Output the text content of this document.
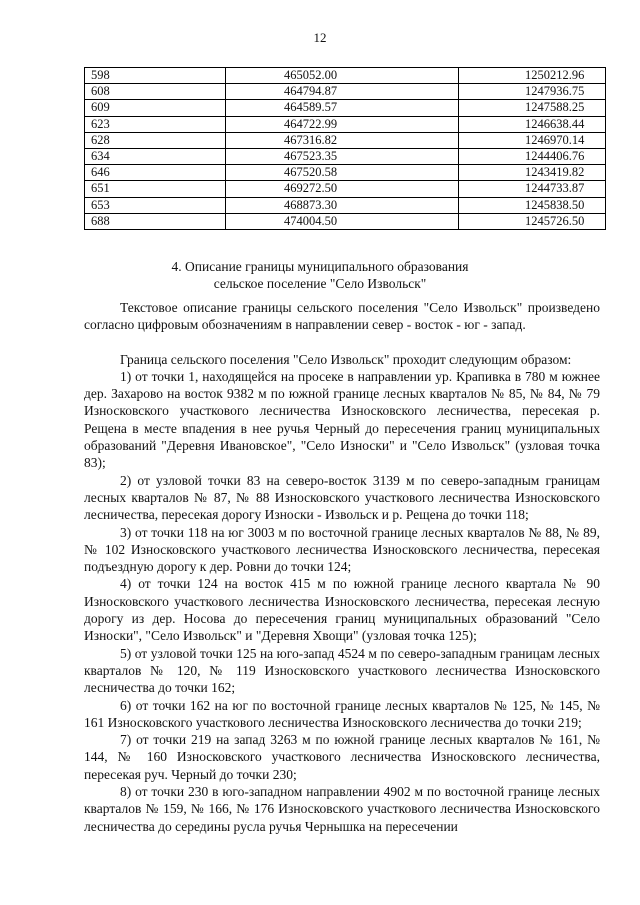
12
598	465052.00	1250212.96
608	464794.87	1247936.75
609	464589.57	1247588.25
623	464722.99	1246638.44
628	467316.82	1246970.14
634	467523.35	1244406.76
646	467520.58	1243419.82
651	469272.50	1244733.87
653	468873.30	1245838.50
688	474004.50	1245726.50
4. Описание границы муниципального образования
сельское поселение "Село Извольск"

Текстовое описание границы сельского поселения "Село Извольск" произведено согласно цифровым обозначениям в направлении север - восток - юг - запад.

Граница сельского поселения "Село Извольск" проходит следующим образом:

1) от точки 1, находящейся на просеке в направлении ур. Крапивка в 780 м южнее дер. Захарово на восток 9382 м по южной границе лесных кварталов № 85, № 84, № 79 Износковского участкового лесничества Износковского лесничества, пересекая р. Рещена в месте впадения в нее ручья Черный до пересечения границ муниципальных образований "Деревня Ивановское", "Село Износки" и "Село Извольск" (узловая точка 83);

2) от узловой точки 83 на северо-восток 3139 м по северо-западным границам лесных кварталов № 87, № 88 Износковского участкового лесничества Износковского лесничества, пересекая дорогу Износки - Извольск и р. Рещена до точки 118;

3) от точки 118 на юг 3003 м по восточной границе лесных кварталов № 88, № 89, № 102 Износковского участкового лесничества Износковского лесничества, пересекая подъездную дорогу к дер. Ровни до точки 124;

4) от точки 124 на восток 415 м по южной границе лесного квартала № 90 Износковского участкового лесничества Износковского лесничества, пересекая лесную дорогу из дер. Носова до пересечения границ муниципальных образований "Село Износки", "Село Извольск" и "Деревня Хвощи" (узловая точка 125);

5) от узловой точки 125 на юго-запад 4524 м по северо-западным границам лесных кварталов № 120, № 119 Износковского участкового лесничества Износковского лесничества до точки 162;

6) от точки 162 на юг по восточной границе лесных кварталов № 125, № 145, № 161 Износковского участкового лесничества Износковского лесничества до точки 219;

7) от точки 219 на запад 3263 м по южной границе лесных кварталов № 161, № 144, № 160 Износковского участкового лесничества Износковского лесничества, пересекая руч. Черный до точки 230;

8) от точки 230 в юго-западном направлении 4902 м по восточной границе лесных кварталов № 159, № 166, № 176 Износковского участкового лесничества Износковского лесничества до середины русла ручья Чернышка на пересечении
